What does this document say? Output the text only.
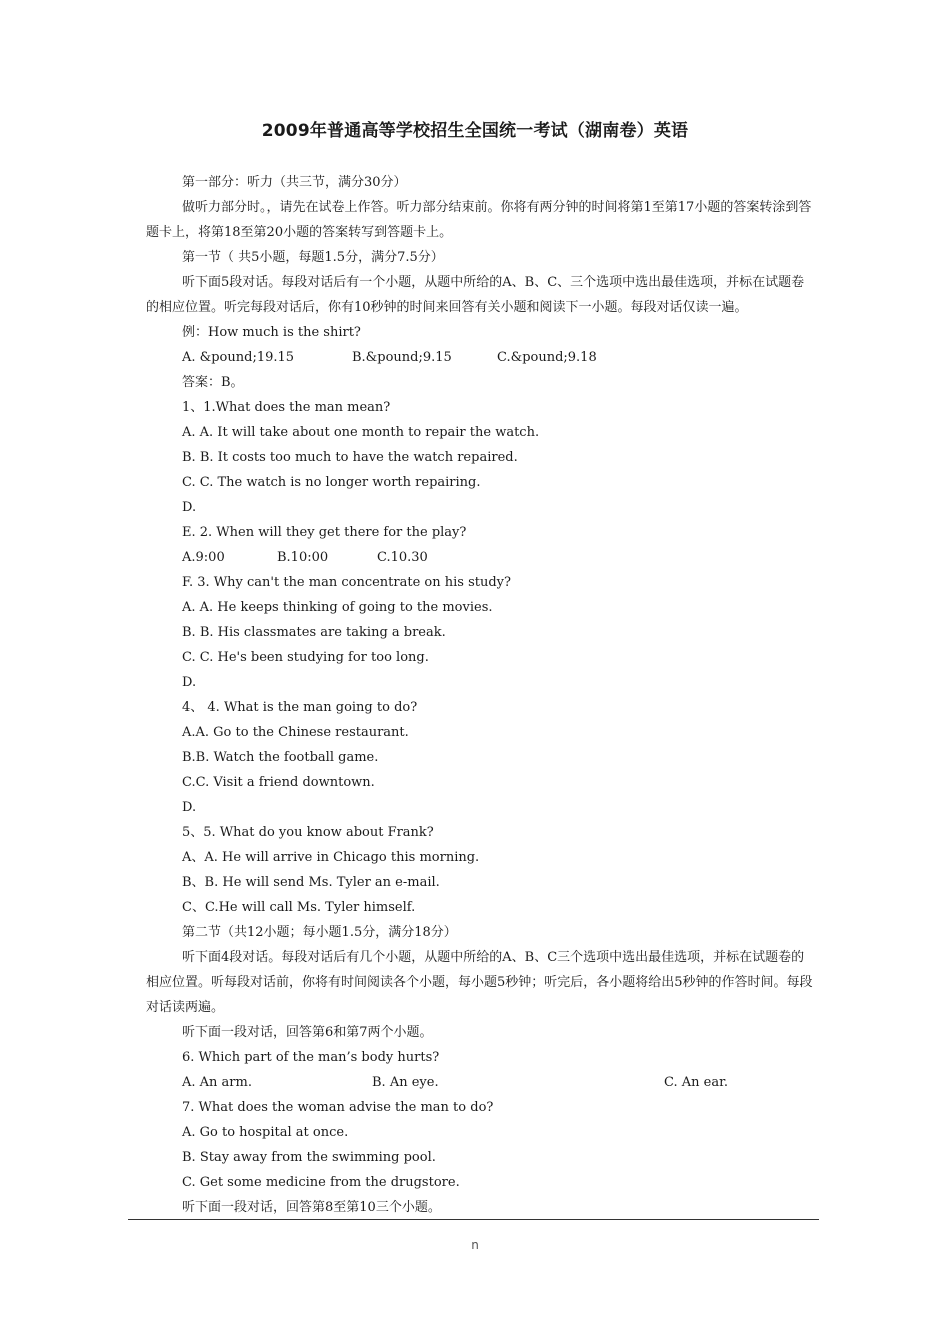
2009年普通高等学校招生全国统一考试（湖南卷）英语

第一部分：听力（共三节，满分30分）

做听力部分时。，请先在试卷上作答。听力部分结束前。你将有两分钟的时间将第1至第17小题的答案转涂到答题卡上，将第18至第20小题的答案转写到答题卡上。

第一节（ 共5小题，每题1.5分，满分7.5分）

听下面5段对话。每段对话后有一个小题，从题中所给的A、B、C、三个选项中选出最佳选项，并标在试题卷的相应位置。听完每段对话后，你有10秒钟的时间来回答有关小题和阅读下一小题。每段对话仅读一遍。

例：How much is the shirt?

A. &pound;19.15	B.&pound;9.15	C.&pound;9.18

答案：B。

1、1.What does the man mean?

A. A. It will take about one month to repair the watch.

B. B. It costs too much to have the watch repaired.

C. C. The watch is no longer worth repairing.

D.

E. 2. When will they get there for the play?

A.9:00	B.10:00	C.10.30

F. 3. Why can't the man concentrate on his study?

A. A. He keeps thinking of going to the movies.

B. B. His classmates are taking a break.

C. C. He's been studying for too long.

D.

4、 4. What is the man going to do?

A.A. Go to the Chinese restaurant.

B.B. Watch the football game.

C.C. Visit a friend downtown.

D.

5、5. What do you know about Frank?

A、A. He will arrive in Chicago this morning.

B、B. He will send Ms. Tyler an e-mail.

C、C.He will call Ms. Tyler himself.

第二节（共12小题；每小题1.5分，满分18分）

听下面4段对话。每段对话后有几个小题，从题中所给的A、B、C三个选项中选出最佳选项，并标在试题卷的相应位置。听每段对话前，你将有时间阅读各个小题，每小题5秒钟；听完后，各小题将给出5秒钟的作答时间。每段对话读两遍。

听下面一段对话，回答第6和第7两个小题。

6. Which part of the man’s body hurts?

A. An arm.	B. An eye.	C. An ear.

7. What does the woman advise the man to do?

A. Go to hospital at once.

B. Stay away from the swimming pool.

C. Get some medicine from the drugstore.

听下面一段对话，回答第8至第10三个小题。

n
